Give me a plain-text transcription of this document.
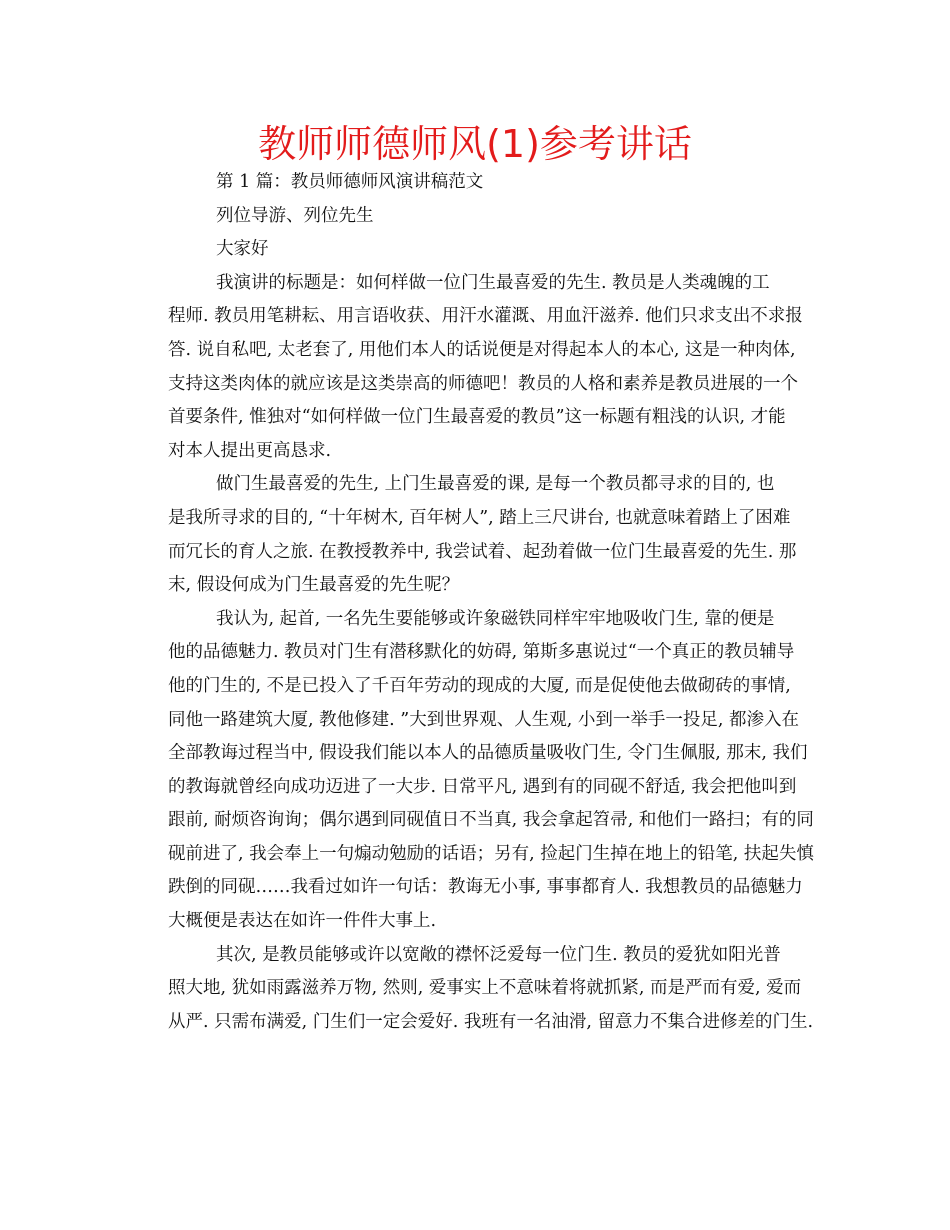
教师师德师风(1)参考讲话
第 1 篇：教员师德师风演讲稿范文
列位导游、列位先生
大家好
我演讲的标题是：如何样做一位门生最喜爱的先生. 教员是人类魂魄的工
程师. 教员用笔耕耘、用言语收获、用汗水灌溉、用血汗滋养. 他们只求支出不求报
答. 说自私吧, 太老套了, 用他们本人的话说便是对得起本人的本心, 这是一种肉体,
支持这类肉体的就应该是这类崇高的师德吧！教员的人格和素养是教员进展的一个
首要条件, 惟独对“如何样做一位门生最喜爱的教员”这一标题有粗浅的认识, 才能
对本人提出更高恳求.
做门生最喜爱的先生, 上门生最喜爱的课, 是每一个教员都寻求的目的, 也
是我所寻求的目的, “十年树木, 百年树人”, 踏上三尺讲台, 也就意味着踏上了困难
而冗长的育人之旅. 在教授教养中, 我尝试着、起劲着做一位门生最喜爱的先生. 那
末, 假设何成为门生最喜爱的先生呢？
我认为, 起首, 一名先生要能够或许象磁铁同样牢牢地吸收门生, 靠的便是
他的品德魅力. 教员对门生有潜移默化的妨碍, 第斯多惠说过“一个真正的教员辅导
他的门生的, 不是已投入了千百年劳动的现成的大厦, 而是促使他去做砌砖的事情,
同他一路建筑大厦, 教他修建. ”大到世界观、人生观, 小到一举手一投足, 都渗入在
全部教诲过程当中, 假设我们能以本人的品德质量吸收门生, 令门生佩服, 那末, 我们
的教诲就曾经向成功迈进了一大步. 日常平凡, 遇到有的同砚不舒适, 我会把他叫到
跟前, 耐烦咨询询；偶尔遇到同砚值日不当真, 我会拿起笤帚, 和他们一路扫；有的同
砚前进了, 我会奉上一句煽动勉励的话语；另有, 捡起门生掉在地上的铅笔, 扶起失慎
跌倒的同砚……我看过如许一句话：教诲无小事, 事事都育人. 我想教员的品德魅力
大概便是表达在如许一件件大事上.
其次, 是教员能够或许以宽敞的襟怀泛爱每一位门生. 教员的爱犹如阳光普
照大地, 犹如雨露滋养万物, 然则, 爱事实上不意味着将就抓紧, 而是严而有爱, 爱而
从严. 只需布满爱, 门生们一定会爱好. 我班有一名油滑, 留意力不集合进修差的门生.
